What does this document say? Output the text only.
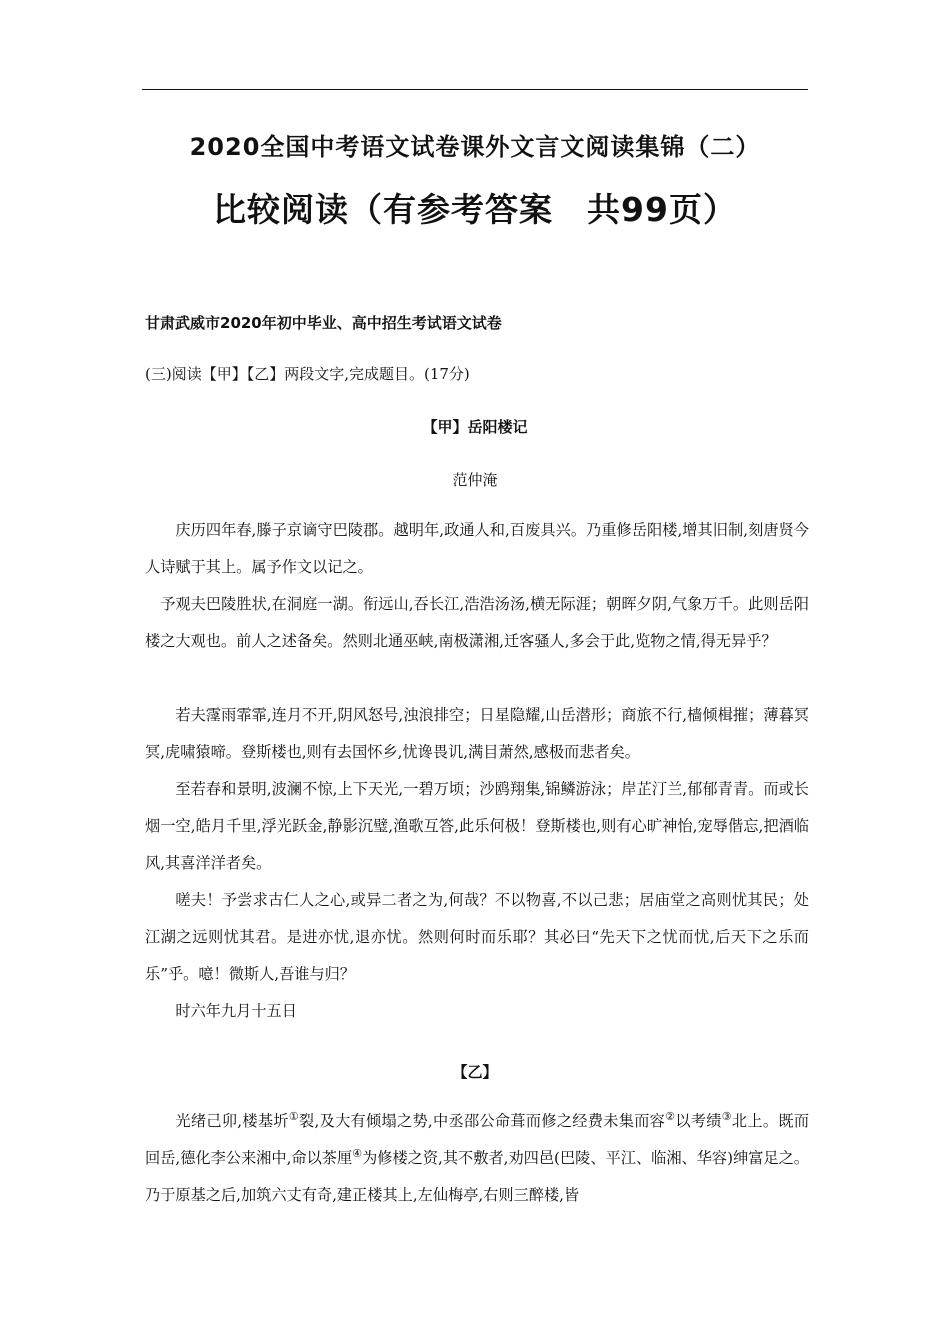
2020全国中考语文试卷课外文言文阅读集锦（二）
比较阅读（有参考答案　共99页）
甘肃武威市2020年初中毕业、高中招生考试语文试卷
(三)阅读【甲】【乙】两段文字,完成题目。(17分)
【甲】岳阳楼记
范仲淹
庆历四年春,滕子京谪守巴陵郡。越明年,政通人和,百废具兴。乃重修岳阳楼,增其旧制,刻唐贤今人诗赋于其上。属予作文以记之。
予观夫巴陵胜状,在洞庭一湖。衔远山,吞长江,浩浩汤汤,横无际涯；朝晖夕阴,气象万千。此则岳阳楼之大观也。前人之述备矣。然则北通巫峡,南极潇湘,迁客骚人,多会于此,览物之情,得无异乎？
若夫霪雨霏霏,连月不开,阴风怒号,浊浪排空；日星隐耀,山岳潜形；商旅不行,樯倾楫摧；薄暮冥冥,虎啸猿啼。登斯楼也,则有去国怀乡,忧谗畏讥,满目萧然,感极而悲者矣。
至若春和景明,波澜不惊,上下天光,一碧万顷；沙鸥翔集,锦鳞游泳；岸芷汀兰,郁郁青青。而或长烟一空,皓月千里,浮光跃金,静影沉璧,渔歌互答,此乐何极！登斯楼也,则有心旷神怡,宠辱偕忘,把酒临风,其喜洋洋者矣。
嗟夫！予尝求古仁人之心,或异二者之为,何哉？不以物喜,不以己悲；居庙堂之高则忧其民；处江湖之远则忧其君。是进亦忧,退亦忧。然则何时而乐耶？其必曰“先天下之忧而忧,后天下之乐而乐”乎。噫！微斯人,吾谁与归？
时六年九月十五日
【乙】
光绪己卯,楼基圻①裂,及大有倾塌之势,中丞邵公命葺而修之经费未集而容②以考绩③北上。既而回岳,德化李公来湘中,命以茶厘④为修楼之资,其不敷者,劝四邑(巴陵、平江、临湘、华容)绅富足之。乃于原基之后,加筑六丈有奇,建正楼其上,左仙梅亭,右则三醉楼,皆
